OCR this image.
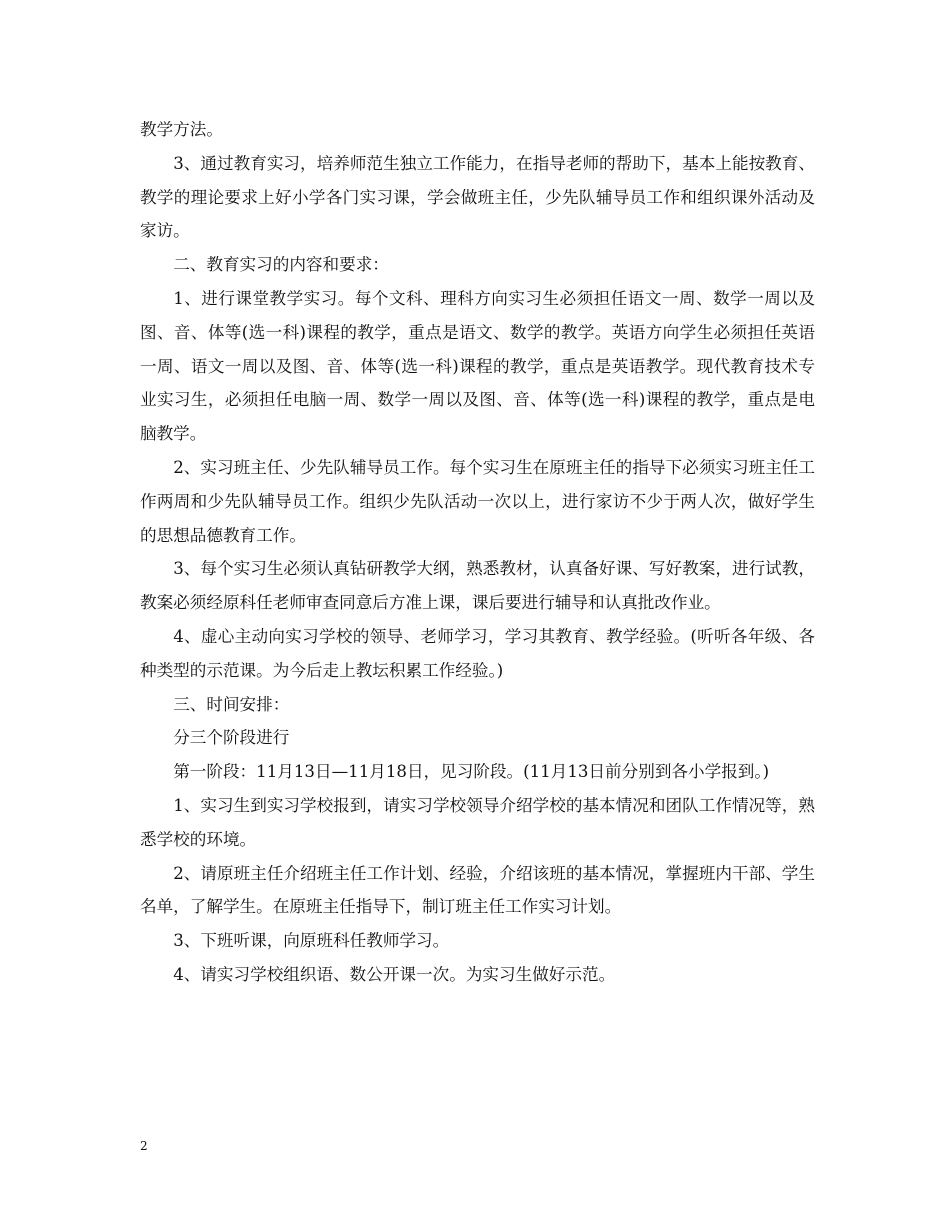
教学方法。

3、通过教育实习，培养师范生独立工作能力，在指导老师的帮助下，基本上能按教育、教学的理论要求上好小学各门实习课，学会做班主任，少先队辅导员工作和组织课外活动及家访。

二、教育实习的内容和要求：

1、进行课堂教学实习。每个文科、理科方向实习生必须担任语文一周、数学一周以及图、音、体等(选一科)课程的教学，重点是语文、数学的教学。英语方向学生必须担任英语一周、语文一周以及图、音、体等(选一科)课程的教学，重点是英语教学。现代教育技术专业实习生，必须担任电脑一周、数学一周以及图、音、体等(选一科)课程的教学，重点是电脑教学。

2、实习班主任、少先队辅导员工作。每个实习生在原班主任的指导下必须实习班主任工作两周和少先队辅导员工作。组织少先队活动一次以上，进行家访不少于两人次，做好学生的思想品德教育工作。

3、每个实习生必须认真钻研教学大纲，熟悉教材，认真备好课、写好教案，进行试教，教案必须经原科任老师审查同意后方准上课，课后要进行辅导和认真批改作业。

4、虚心主动向实习学校的领导、老师学习，学习其教育、教学经验。(听听各年级、各种类型的示范课。为今后走上教坛积累工作经验。)

三、时间安排：

分三个阶段进行

第一阶段：11月13日—11月18日，见习阶段。(11月13日前分别到各小学报到。)

1、实习生到实习学校报到，请实习学校领导介绍学校的基本情况和团队工作情况等，熟悉学校的环境。

2、请原班主任介绍班主任工作计划、经验，介绍该班的基本情况，掌握班内干部、学生名单，了解学生。在原班主任指导下，制订班主任工作实习计划。

3、下班听课，向原班科任教师学习。

4、请实习学校组织语、数公开课一次。为实习生做好示范。

2
